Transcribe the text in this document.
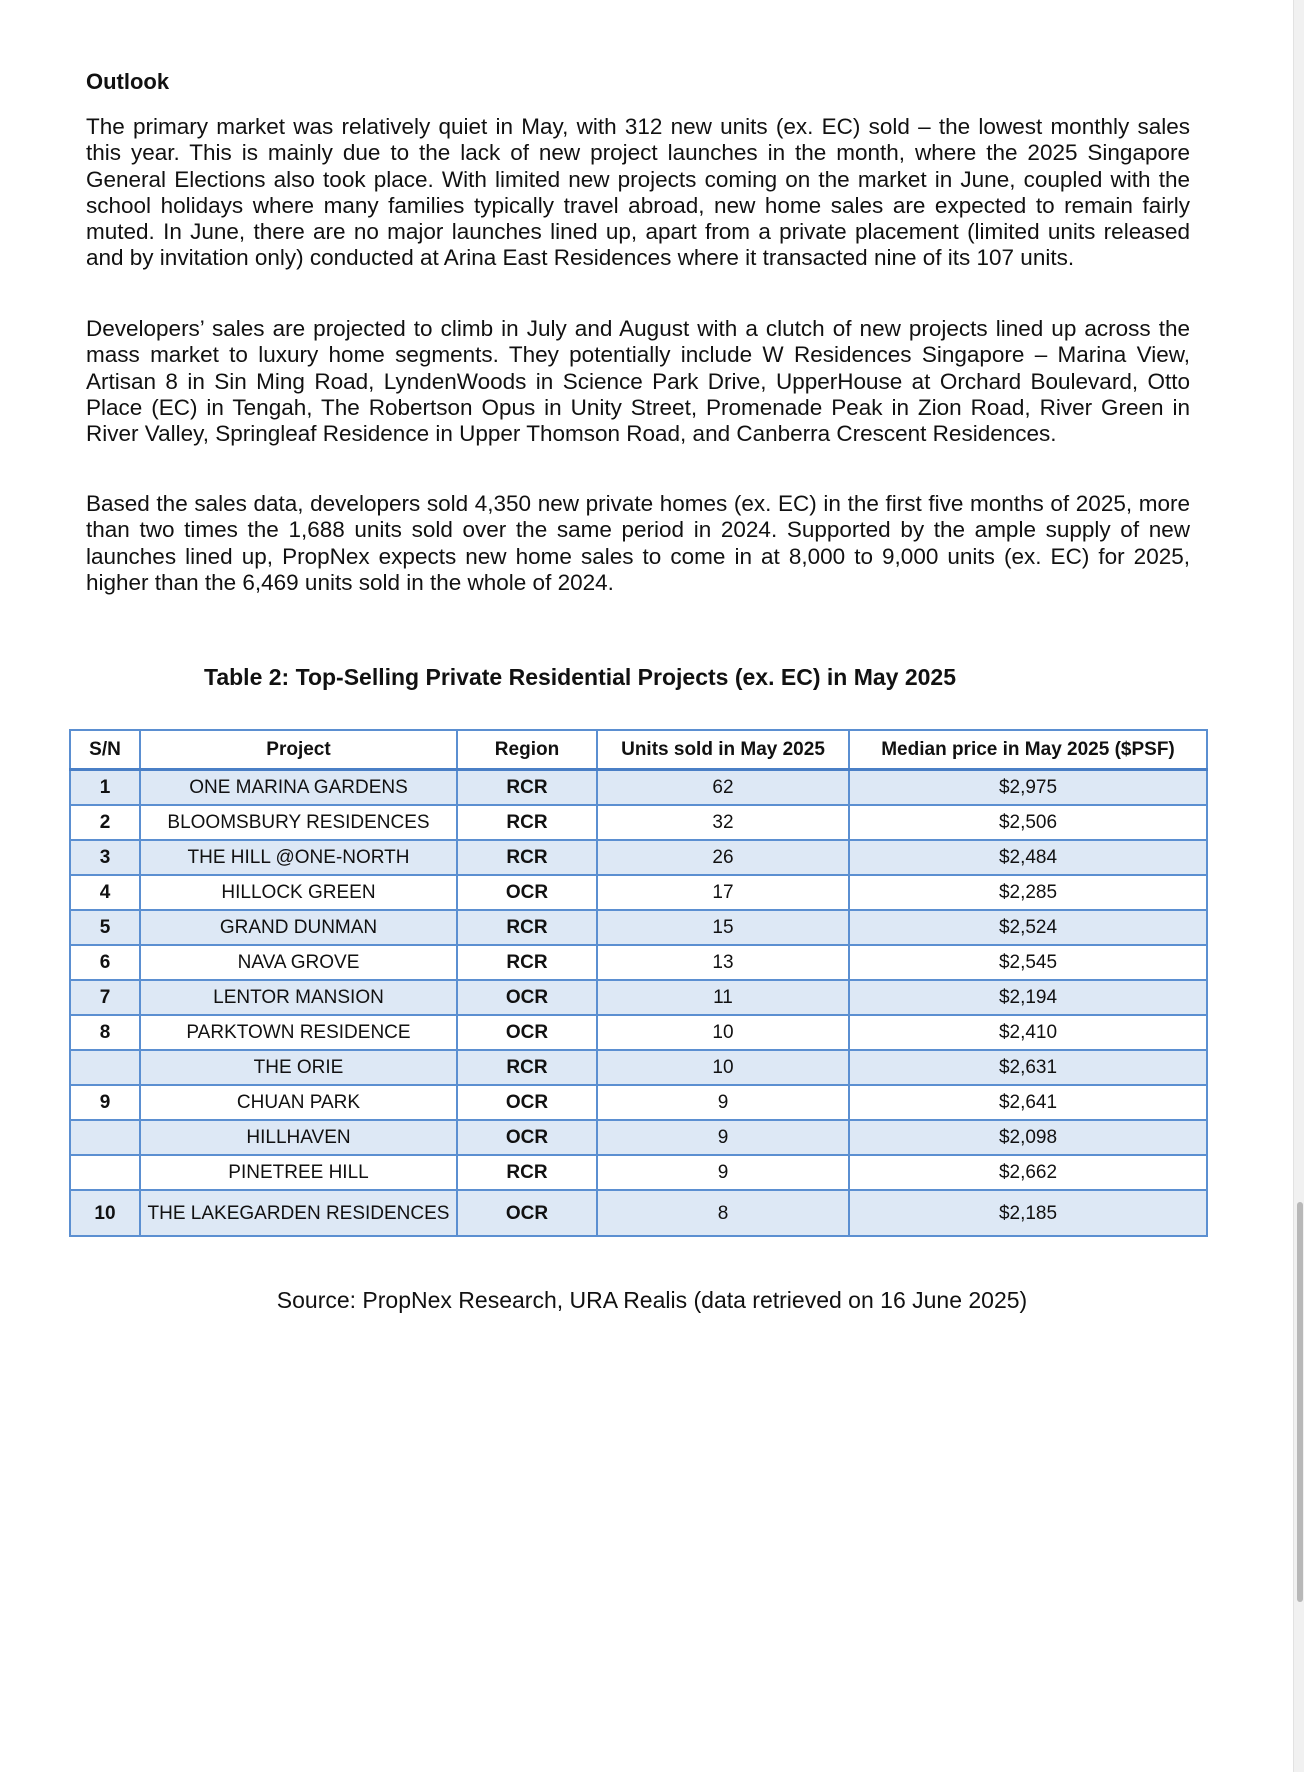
Outlook

The primary market was relatively quiet in May, with 312 new units (ex. EC) sold – the lowest monthly sales this year. This is mainly due to the lack of new project launches in the month, where the 2025 Singapore General Elections also took place. With limited new projects coming on the market in June, coupled with the school holidays where many families typically travel abroad, new home sales are expected to remain fairly muted. In June, there are no major launches lined up, apart from a private placement (limited units released and by invitation only) conducted at Arina East Residences where it transacted nine of its 107 units.

Developers’ sales are projected to climb in July and August with a clutch of new projects lined up across the mass market to luxury home segments. They potentially include W Residences Singapore – Marina View, Artisan 8 in Sin Ming Road, LyndenWoods in Science Park Drive, UpperHouse at Orchard Boulevard, Otto Place (EC) in Tengah, The Robertson Opus in Unity Street, Promenade Peak in Zion Road, River Green in River Valley, Springleaf Residence in Upper Thomson Road, and Canberra Crescent Residences.

Based the sales data, developers sold 4,350 new private homes (ex. EC) in the first five months of 2025, more than two times the 1,688 units sold over the same period in 2024. Supported by the ample supply of new launches lined up, PropNex expects new home sales to come in at 8,000 to 9,000 units (ex. EC) for 2025, higher than the 6,469 units sold in the whole of 2024.

Table 2: Top-Selling Private Residential Projects (ex. EC) in May 2025
S/N	Project	Region	Units sold in May 2025	Median price in May 2025 ($PSF)
1	ONE MARINA GARDENS	RCR	62	$2,975
2	BLOOMSBURY RESIDENCES	RCR	32	$2,506
3	THE HILL @ONE-NORTH	RCR	26	$2,484
4	HILLOCK GREEN	OCR	17	$2,285
5	GRAND DUNMAN	RCR	15	$2,524
6	NAVA GROVE	RCR	13	$2,545
7	LENTOR MANSION	OCR	11	$2,194
8	PARKTOWN RESIDENCE	OCR	10	$2,410
	THE ORIE	RCR	10	$2,631
9	CHUAN PARK	OCR	9	$2,641
	HILLHAVEN	OCR	9	$2,098
	PINETREE HILL	RCR	9	$2,662
10	THE LAKEGARDEN RESIDENCES	OCR	8	$2,185

Source: PropNex Research, URA Realis (data retrieved on 16 June 2025)
